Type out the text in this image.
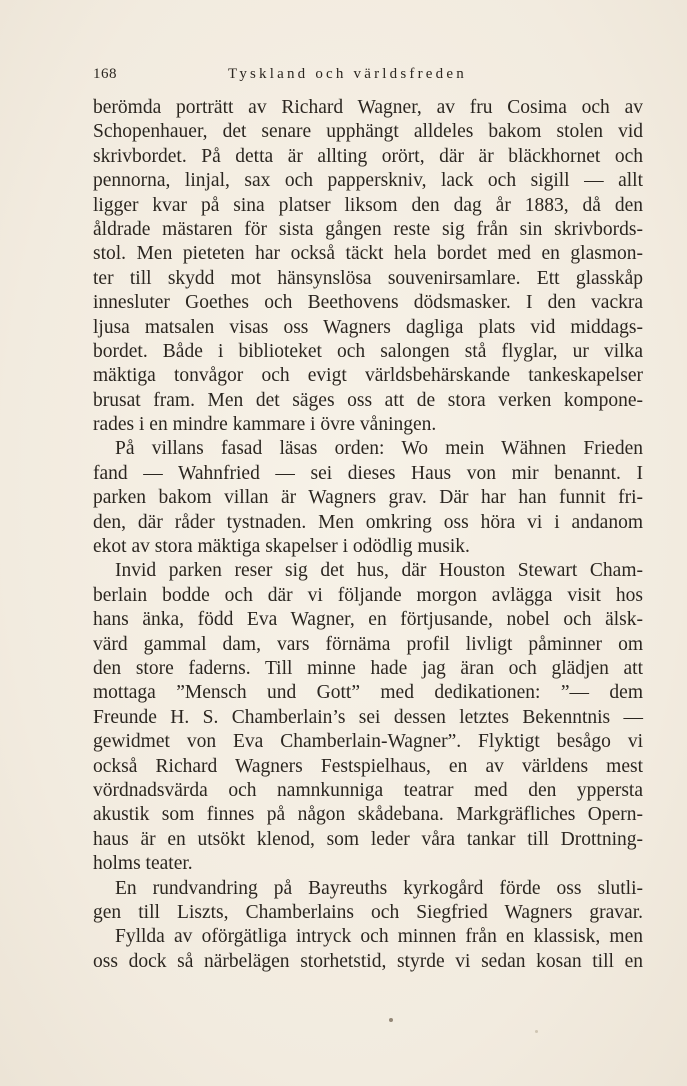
168	Tyskland och världsfreden
berömda porträtt av Richard Wagner, av fru Cosima och av
Schopenhauer, det senare upphängt alldeles bakom stolen vid
skrivbordet. På detta är allting orört, där är bläckhornet och
pennorna, linjal, sax och papperskniv, lack och sigill — allt
ligger kvar på sina platser liksom den dag år 1883, då den
åldrade mästaren för sista gången reste sig från sin skrivbords-
stol. Men pieteten har också täckt hela bordet med en glasmon-
ter till skydd mot hänsynslösa souvenirsamlare. Ett glasskåp
innesluter Goethes och Beethovens dödsmasker. I den vackra
ljusa matsalen visas oss Wagners dagliga plats vid middags-
bordet. Både i biblioteket och salongen stå flyglar, ur vilka
mäktiga tonvågor och evigt världsbehärskande tankeskapelser
brusat fram. Men det säges oss att de stora verken kompone-
rades i en mindre kammare i övre våningen.
På villans fasad läsas orden: Wo mein Wähnen Frieden
fand — Wahnfried — sei dieses Haus von mir benannt. I
parken bakom villan är Wagners grav. Där har han funnit fri-
den, där råder tystnaden. Men omkring oss höra vi i andanom
ekot av stora mäktiga skapelser i odödlig musik.
Invid parken reser sig det hus, där Houston Stewart Cham-
berlain bodde och där vi följande morgon avlägga visit hos
hans änka, född Eva Wagner, en förtjusande, nobel och älsk-
värd gammal dam, vars förnäma profil livligt påminner om
den store faderns. Till minne hade jag äran och glädjen att
mottaga ”Mensch und Gott” med dedikationen: ”— dem
Freunde H. S. Chamberlain’s sei dessen letztes Bekenntnis —
gewidmet von Eva Chamberlain-Wagner”. Flyktigt besågo vi
också Richard Wagners Festspielhaus, en av världens mest
vördnadsvärda och namnkunniga teatrar med den yppersta
akustik som finnes på någon skådebana. Markgräfliches Opern-
haus är en utsökt klenod, som leder våra tankar till Drottning-
holms teater.
En rundvandring på Bayreuths kyrkogård förde oss slutli-
gen till Liszts, Chamberlains och Siegfried Wagners gravar.
Fyllda av oförgätliga intryck och minnen från en klassisk, men
oss dock så närbelägen storhetstid, styrde vi sedan kosan till en
